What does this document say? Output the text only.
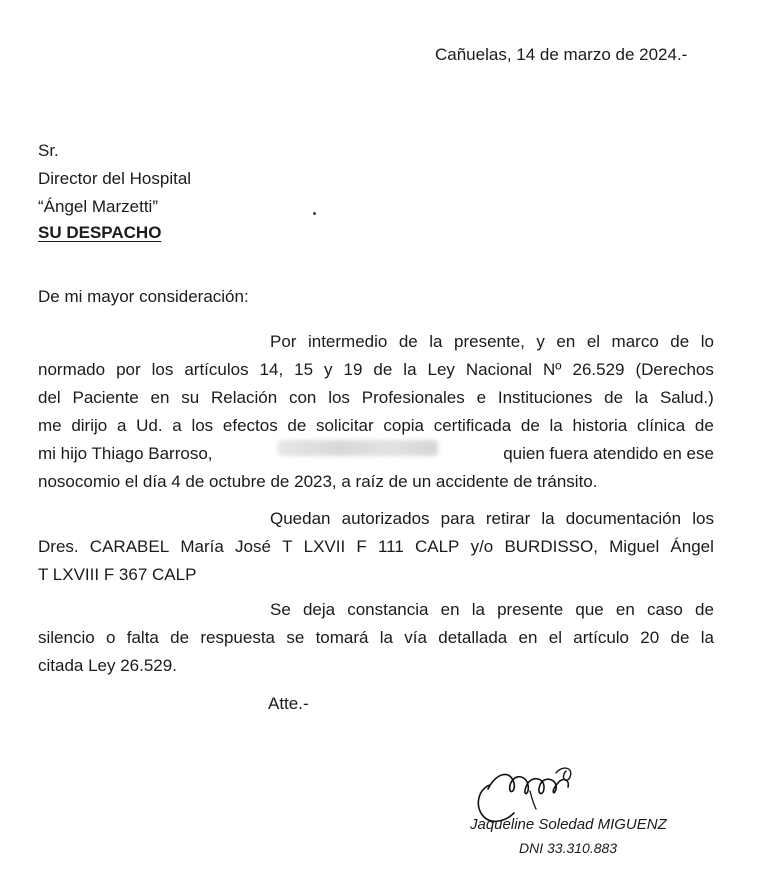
Cañuelas, 14 de marzo de 2024.-
Sr.
Director del Hospital
“Ángel Marzetti”
SU DESPACHO
De mi mayor consideración:
Por intermedio de la presente, y en el marco de lo
normado por los artículos 14, 15 y 19 de la Ley Nacional Nº 26.529 (Derechos
del Paciente en su Relación con los Profesionales e Instituciones de la Salud.)
me dirijo a Ud. a los efectos de solicitar copia certificada de la historia clínica de
mi hijo Thiago Barroso,	quien fuera atendido en ese
nosocomio el día 4 de octubre de 2023, a raíz de un accidente de tránsito.
Quedan autorizados para retirar la documentación los
Dres. CARABEL María José T LXVII F 111 CALP y/o BURDISSO, Miguel Ángel
T LXVIII F 367 CALP
Se deja constancia en la presente que en caso de
silencio o falta de respuesta se tomará la vía detallada en el artículo 20 de la
citada Ley 26.529.
Atte.-
Jaqueline Soledad MIGUENZ
DNI 33.310.883
